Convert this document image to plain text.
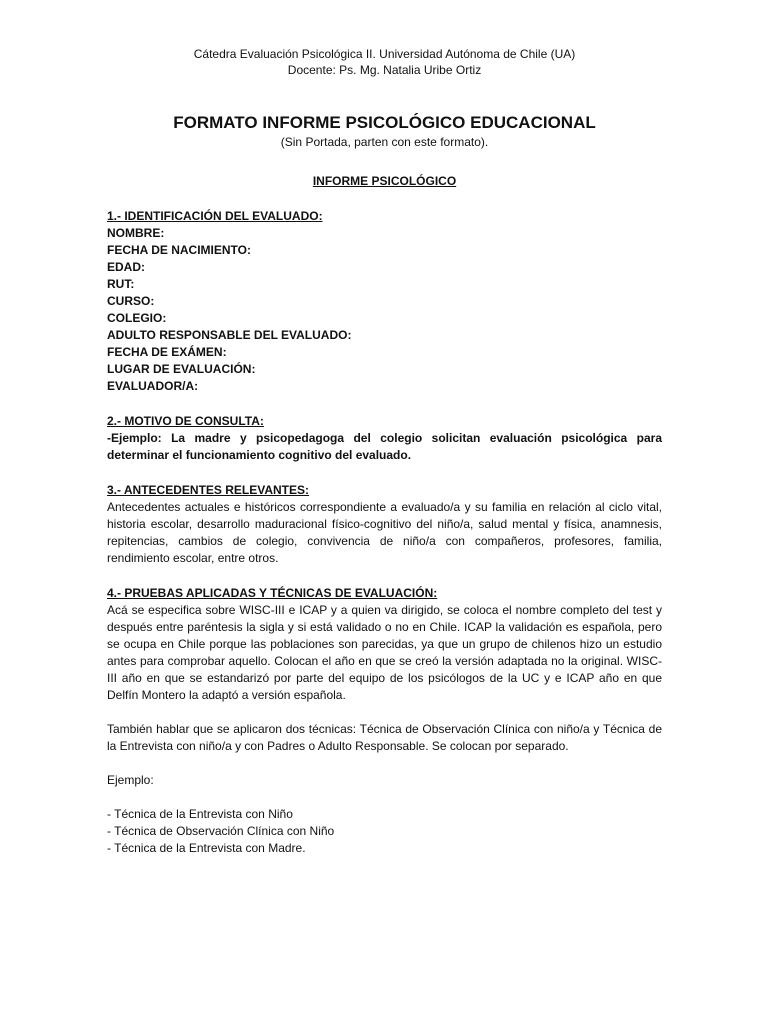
Cátedra Evaluación Psicológica II. Universidad Autónoma de Chile (UA)
Docente: Ps. Mg. Natalia Uribe Ortiz
FORMATO INFORME PSICOLÓGICO EDUCACIONAL
(Sin Portada, parten con este formato).
INFORME PSICOLÓGICO
1.- IDENTIFICACIÓN DEL EVALUADO:
NOMBRE:
FECHA DE NACIMIENTO:
EDAD:
RUT:
CURSO:
COLEGIO:
ADULTO RESPONSABLE DEL EVALUADO:
FECHA DE EXÁMEN:
LUGAR DE EVALUACIÓN:
EVALUADOR/A:
2.- MOTIVO DE CONSULTA:
-Ejemplo: La madre y psicopedagoga del colegio solicitan evaluación psicológica para determinar el funcionamiento cognitivo del evaluado.
3.- ANTECEDENTES RELEVANTES:
Antecedentes actuales e históricos correspondiente a evaluado/a y su familia en relación al ciclo vital, historia escolar, desarrollo maduracional físico-cognitivo del niño/a, salud mental y física, anamnesis, repitencias, cambios de colegio, convivencia de niño/a con compañeros, profesores, familia, rendimiento escolar, entre otros.
4.- PRUEBAS APLICADAS Y TÉCNICAS DE EVALUACIÓN:
Acá se especifica sobre WISC-III e ICAP y a quien va dirigido, se coloca el nombre completo del test y después entre paréntesis la sigla y si está validado o no en Chile. ICAP la validación es española, pero se ocupa en Chile porque las poblaciones son parecidas, ya que un grupo de chilenos hizo un estudio antes para comprobar aquello. Colocan el año en que se creó la versión adaptada no la original. WISC-III año en que se estandarizó por parte del equipo de los psicólogos de la UC y e ICAP año en que Delfín Montero la adaptó a versión española.
También hablar que se aplicaron dos técnicas: Técnica de Observación Clínica con niño/a y Técnica de la Entrevista con niño/a y con Padres o Adulto Responsable. Se colocan por separado.
Ejemplo:
- Técnica de la Entrevista con Niño
- Técnica de Observación Clínica con Niño
- Técnica de la Entrevista con Madre.
